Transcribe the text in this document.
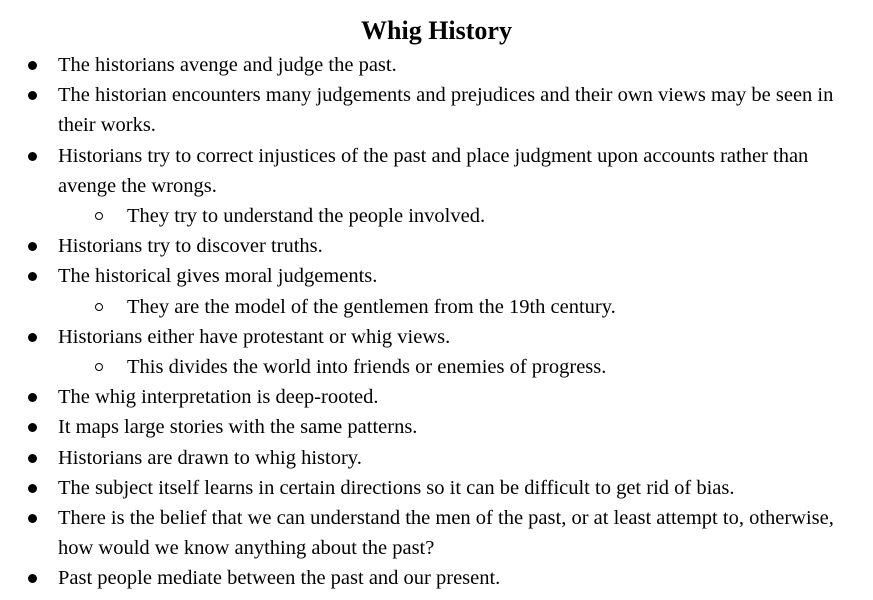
Whig History
The historians avenge and judge the past.
The historian encounters many judgements and prejudices and their own views may be seen in their works.
Historians try to correct injustices of the past and place judgment upon accounts rather than avenge the wrongs.
They try to understand the people involved.
Historians try to discover truths.
The historical gives moral judgements.
They are the model of the gentlemen from the 19th century.
Historians either have protestant or whig views.
This divides the world into friends or enemies of progress.
The whig interpretation is deep-rooted.
It maps large stories with the same patterns.
Historians are drawn to whig history.
The subject itself learns in certain directions so it can be difficult to get rid of bias.
There is the belief that we can understand the men of the past, or at least attempt to, otherwise, how would we know anything about the past?
Past people mediate between the past and our present.
